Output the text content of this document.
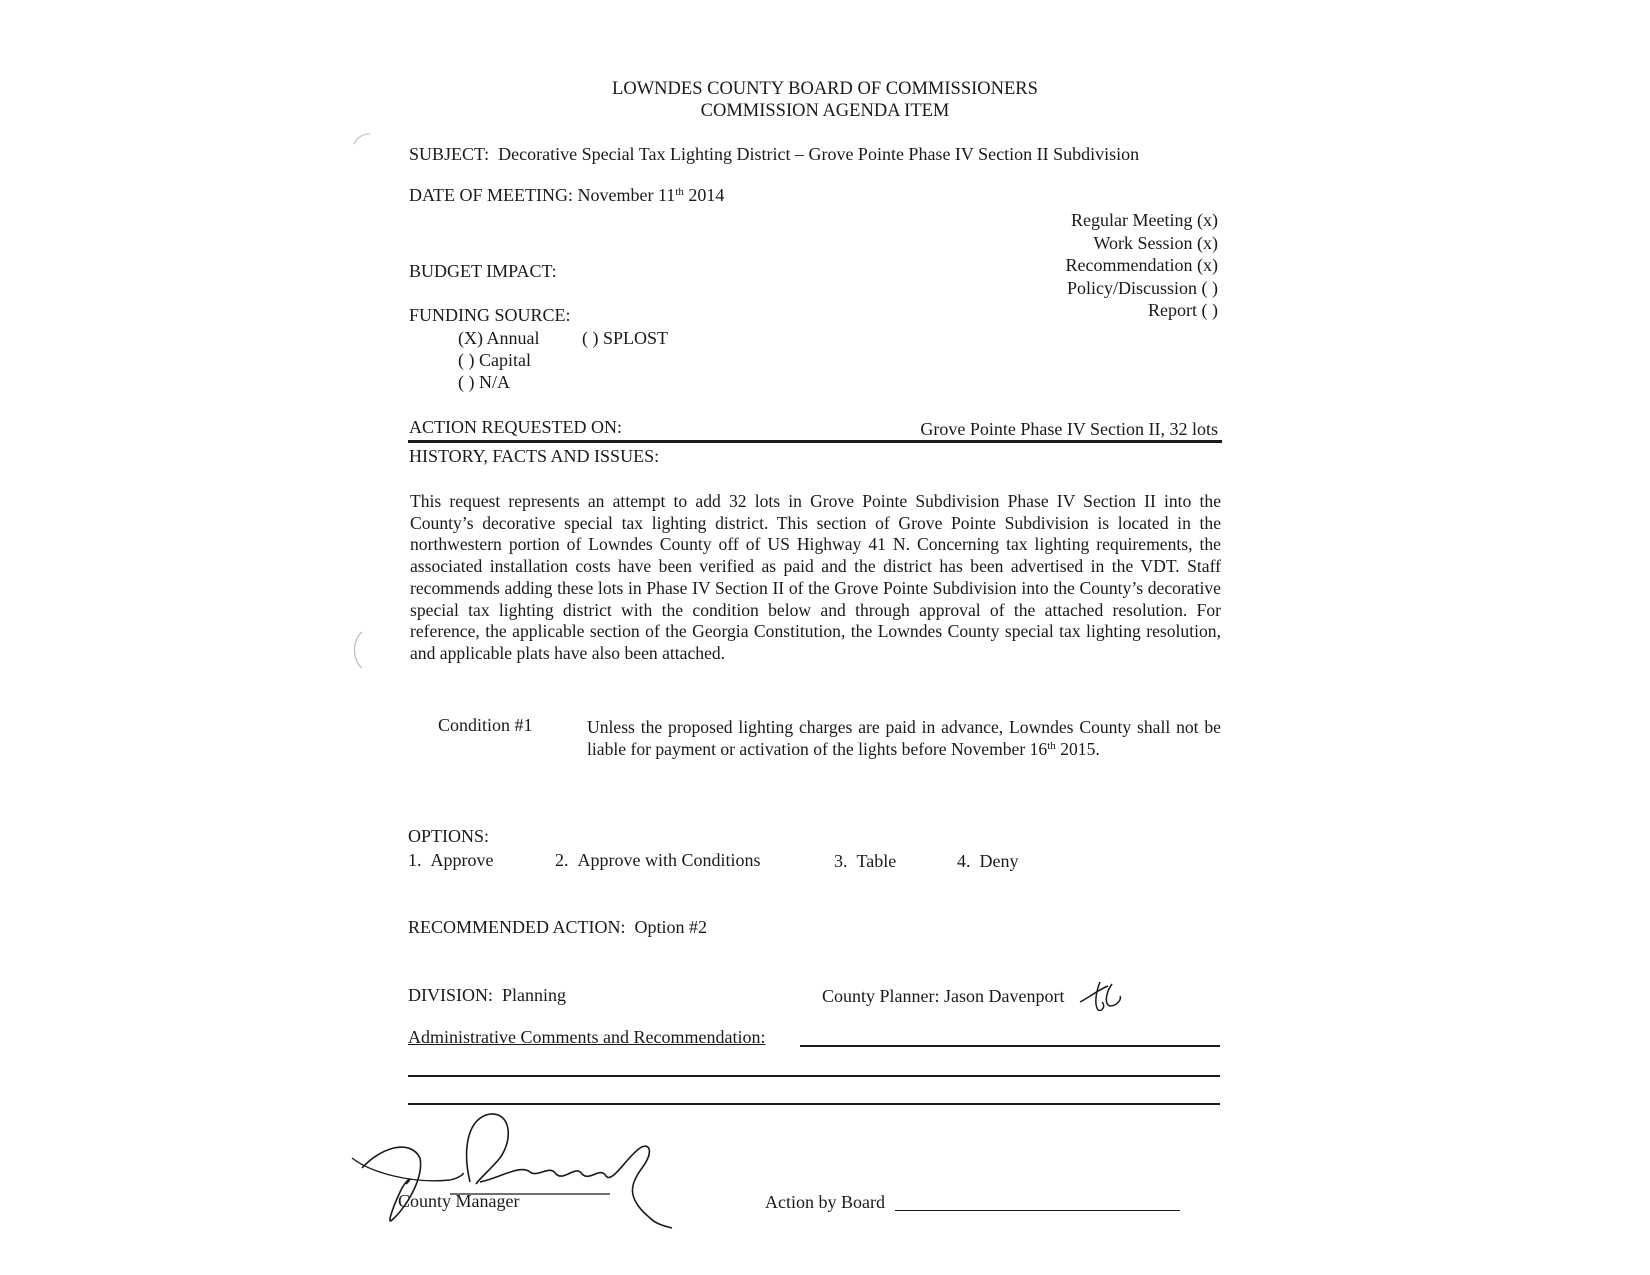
LOWNDES COUNTY BOARD OF COMMISSIONERS
COMMISSION AGENDA ITEM
SUBJECT: Decorative Special Tax Lighting District – Grove Pointe Phase IV Section II Subdivision
DATE OF MEETING: November 11th 2014
Regular Meeting (x)
Work Session (x)
Recommendation (x)
Policy/Discussion ( )
Report ( )
BUDGET IMPACT:
FUNDING SOURCE:
(X) Annual ( ) SPLOST
( ) Capital
( ) N/A
ACTION REQUESTED ON:	Grove Pointe Phase IV Section II, 32 lots
HISTORY, FACTS AND ISSUES:
This request represents an attempt to add 32 lots in Grove Pointe Subdivision Phase IV Section II into the County’s decorative special tax lighting district. This section of Grove Pointe Subdivision is located in the northwestern portion of Lowndes County off of US Highway 41 N. Concerning tax lighting requirements, the associated installation costs have been verified as paid and the district has been advertised in the VDT. Staff recommends adding these lots in Phase IV Section II of the Grove Pointe Subdivision into the County’s decorative special tax lighting district with the condition below and through approval of the attached resolution. For reference, the applicable section of the Georgia Constitution, the Lowndes County special tax lighting resolution, and applicable plats have also been attached.
Condition #1	Unless the proposed lighting charges are paid in advance, Lowndes County shall not be liable for payment or activation of the lights before November 16th 2015.
OPTIONS:
1. Approve	2. Approve with Conditions	3. Table	4. Deny
RECOMMENDED ACTION: Option #2
DIVISION: Planning	County Planner: Jason Davenport
Administrative Comments and Recommendation:
County Manager	Action by Board
